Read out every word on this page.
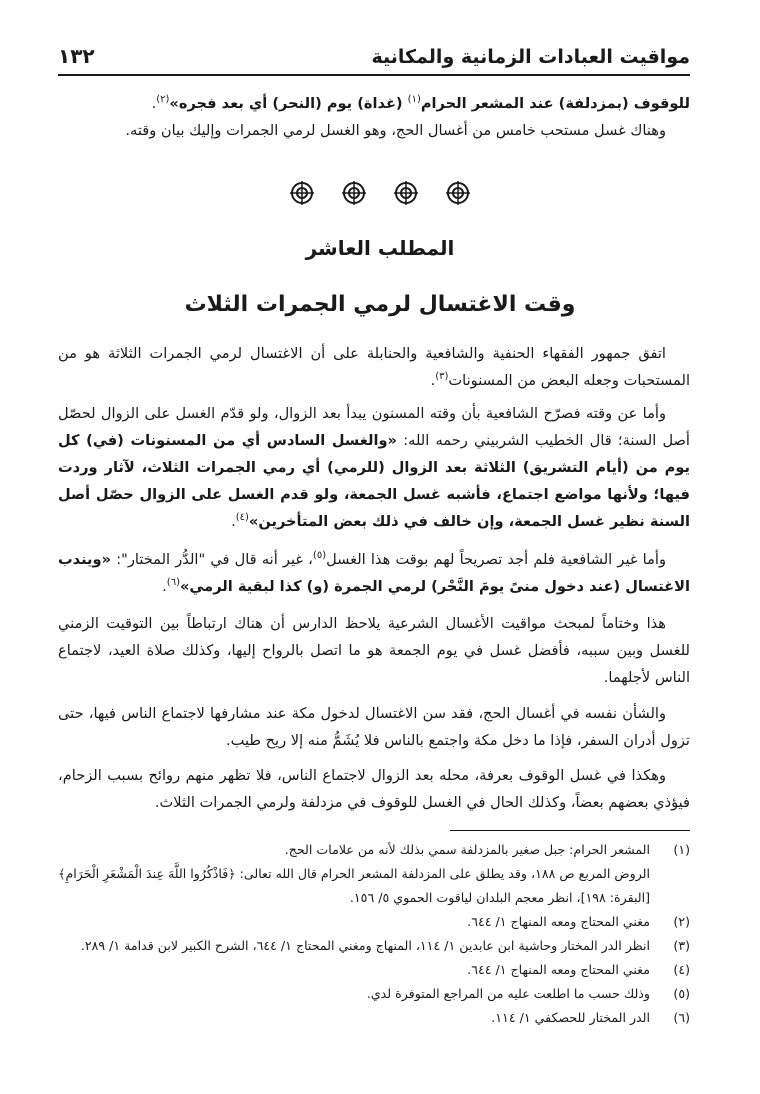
مواقيت العبادات الزمانية والمكانية
١٣٢
للوقوف (بمزدلفة) عند المشعر الحرام$^{(١)}$ (غداة) يوم (النحر) أي بعد فجره»$^{(٢)}$.
وهناك غسل مستحب خامس من أغسال الحج، وهو الغسل لرمي الجمرات وإليك بيان وقته.
المطلب العاشر
وقت الاغتسال لرمي الجمرات الثلاث
اتفق جمهور الفقهاء الحنفية والشافعية والحنابلة على أن الاغتسال لرمي الجمرات الثلاثة هو من المستحبات وجعله البعض من المسنونات$^{(٣)}$.
وأما عن وقته فصرّح الشافعية بأن وقته المسنون يبدأ بعد الزوال، ولو قدّم الغسل على الزوال لحصّل أصل السنة؛ قال الخطيب الشربيني رحمه الله: «والغسل السادس أي من المسنونات (في) كل يوم من (أيام التشريق) الثلاثة بعد الزوال (للرمي) أي رمي الجمرات الثلاث، لآثار وردت فيها؛ ولأنها مواضع اجتماع، فأشبه غسل الجمعة، ولو قدم الغسل على الزوال حصّل أصل السنة نظير غسل الجمعة، وإن خالف في ذلك بعض المتأخرين»$^{(٤)}$.
وأما غير الشافعية فلم أجد تصريحاً لهم بوقت هذا الغسل$^{(٥)}$، غير أنه قال في "الدُّر المختار": «ويندب الاغتسال (عند دخول منىً يومَ النَّحْر) لرمي الجمرة (و) كذا لبقية الرمي»$^{(٦)}$.
هذا وختاماً لمبحث مواقيت الأغسال الشرعية يلاحظ الدارس أن هناك ارتباطاً بين التوقيت الزمني للغسل وبين سببه، فأفضل غسل في يوم الجمعة هو ما اتصل بالرواح إليها، وكذلك صلاة العيد، لاجتماع الناس لأجلهما.
والشأن نفسه في أغسال الحج، فقد سن الاغتسال لدخول مكة عند مشارفها لاجتماع الناس فيها، حتى تزول أدران السفر، فإذا ما دخل مكة واجتمع بالناس فلا يُشَمُّ منه إلا ريح طيب.
وهكذا في غسل الوقوف بعرفة، محله بعد الزوال لاجتماع الناس، فلا تظهر منهم روائح بسبب الزحام، فيؤذي بعضهم بعضاً، وكذلك الحال في الغسل للوقوف في مزدلفة ولرمي الجمرات الثلاث.
(١)
المشعر الحرام: جبل صغير بالمزدلفة سمي بذلك لأنه من علامات الحج.
الروض المربع ص ١٨٨، وقد يطلق على المزدلفة المشعر الحرام قال الله تعالى: ﴿فَاذْكُرُوا اللَّهَ عِندَ الْمَشْعَرِ الْحَرَامِ﴾ [البقرة: ١٩٨]، انظر معجم البلدان لياقوت الحموي ٥/ ١٥٦.
(٢)
مغني المحتاج ومعه المنهاج ١/ ٦٤٤.
(٣)
انظر الدر المختار وحاشية ابن عابدين ١/ ١١٤، المنهاج ومغني المحتاج ١/ ٦٤٤، الشرح الكبير لابن قدامة ١/ ٢٨٩.
(٤)
مغني المحتاج ومعه المنهاج ١/ ٦٤٤.
(٥)
وذلك حسب ما اطلعت عليه من المراجع المتوفرة لدي.
(٦)
الدر المختار للحصكفي ١/ ١١٤.
